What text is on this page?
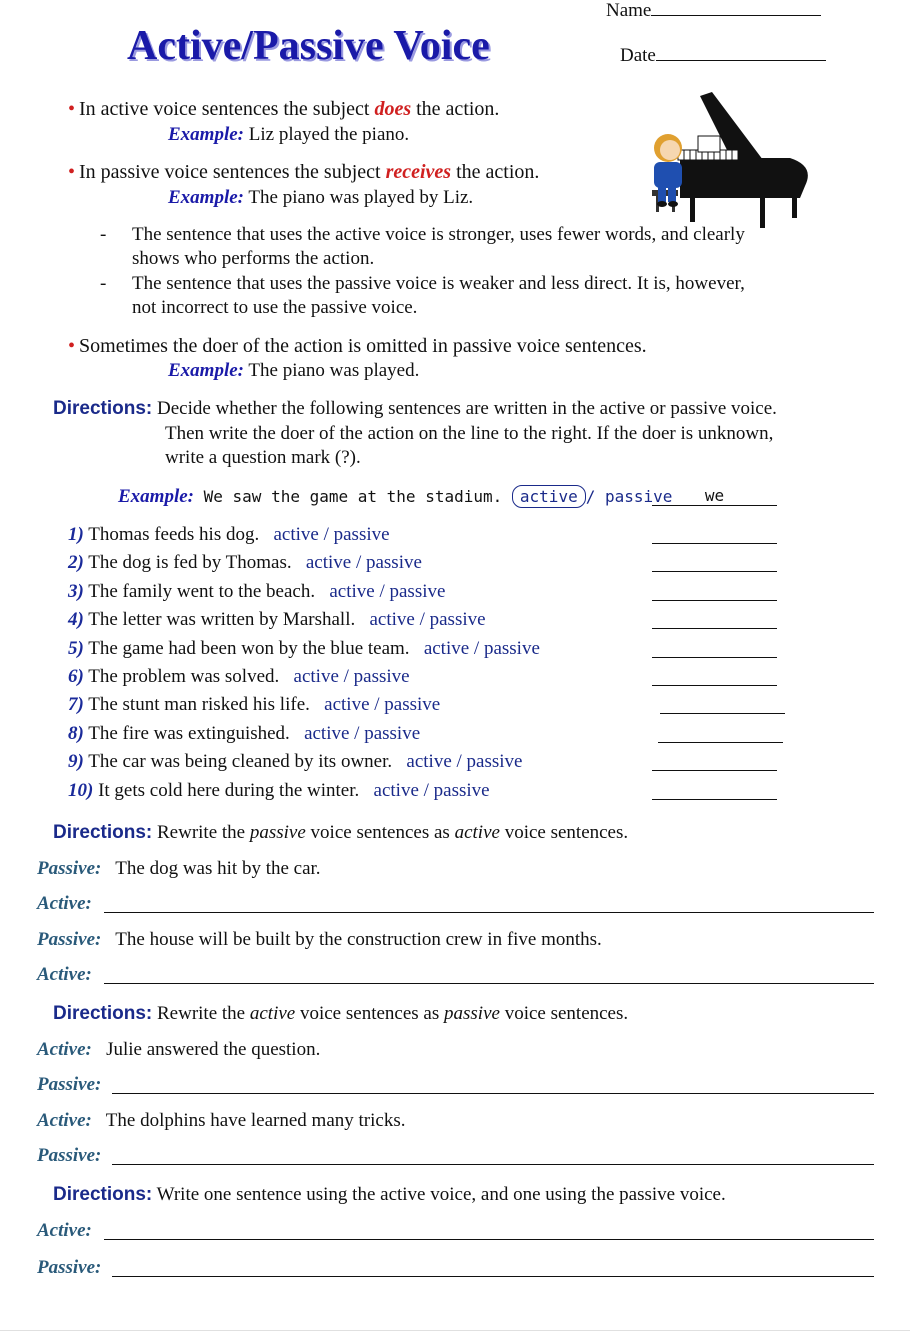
Active/Passive Voice
Name
Date
• In active voice sentences the subject does the action.
Example: Liz played the piano.
• In passive voice sentences the subject receives the action.
Example: The piano was played by Liz.
- The sentence that uses the active voice is stronger, uses fewer words, and clearly
shows who performs the action.
- The sentence that uses the passive voice is weaker and less direct. It is, however,
not incorrect to use the passive voice.
• Sometimes the doer of the action is omitted in passive voice sentences.
Example: The piano was played.
Directions: Decide whether the following sentences are written in the active or passive voice.
Then write the doer of the action on the line to the right. If the doer is unknown,
write a question mark (?).
Example: We saw the game at the stadium. active / passive	we
1) Thomas feeds his dog. active / passive
2) The dog is fed by Thomas. active / passive
3) The family went to the beach. active / passive
4) The letter was written by Marshall. active / passive
5) The game had been won by the blue team. active / passive
6) The problem was solved. active / passive
7) The stunt man risked his life. active / passive
8) The fire was extinguished. active / passive
9) The car was being cleaned by its owner. active / passive
10) It gets cold here during the winter. active / passive
Directions: Rewrite the passive voice sentences as active voice sentences.
Passive: The dog was hit by the car.
Active:
Passive: The house will be built by the construction crew in five months.
Active:
Directions: Rewrite the active voice sentences as passive voice sentences.
Active: Julie answered the question.
Passive:
Active: The dolphins have learned many tricks.
Passive:
Directions: Write one sentence using the active voice, and one using the passive voice.
Active:
Passive:
